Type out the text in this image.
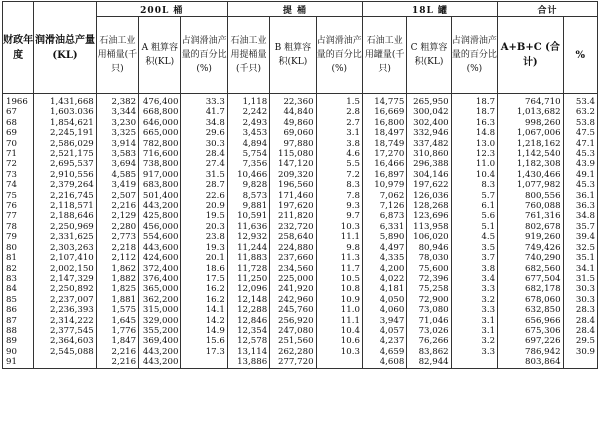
财政年度	润滑油总产量(KL)	200L 桶			提 桶			18L 罐			合计	
		石油工业用桶量(千只)	A 粗算容积(KL)	占润滑油产量的百分比(%)	石油工业用提桶量(千只)	B 粗算容积(KL)	占润滑油产量的百分比(%)	石油工业用罐量(千只)	C 粗算容积(KL)	占润滑油产量的百分比(%)	A+B+C (合计)	%
1966	1,431,668	2,382	476,400	33.3	1,118	22,360	1.5	14,775	265,950	18.7	764,710	53.4
67	1,603.036	3,344	668,800	41.7	2,242	44,840	2.8	16,669	300,042	18.7	1,013,682	63.2
68	1,854,621	3,230	646,000	34.8	2,493	49,860	2.7	16,800	302,400	16.3	998,260	53.8
69	2,245,191	3,325	665,000	29.6	3,453	69,060	3.1	18,497	332,946	14.8	1,067,006	47.5
70	2,586,029	3,914	782,800	30.3	4,894	97,880	3.8	18,749	337,482	13.0	1,218,162	47.1
71	2,521,175	3,583	716,600	28.4	5,754	115,080	4.6	17,270	310,860	12.3	1,142,540	45.3
72	2,695,537	3,694	738,800	27.4	7,356	147,120	5.5	16,466	296,388	11.0	1,182,308	43.9
73	2,910,556	4,585	917,000	31.5	10,466	209,320	7.2	16,897	304,146	10.4	1,430,466	49.1
74	2,379,264	3,419	683,800	28.7	9,828	196,560	8.3	10,979	197,622	8.3	1,077,982	45.3
75	2,216,745	2,507	501,400	22.6	8,573	171,460	7.8	7,062	126,036	5.7	800,556	36.1
76	2,118,571	2,216	443,200	20.9	9,881	197,620	9.3	7,126	128,268	6.1	760,088	36.3
77	2,188,646	2,129	425,800	19.5	10,591	211,820	9.7	6,873	123,696	5.6	761,316	34.8
78	2,250,969	2,280	456,000	20.3	11,636	232,720	10.3	6,331	113,958	5.1	802,678	35.7
79	2,331,625	2,773	554,600	23.8	12,932	258,640	11.1	5,890	106,020	4.5	919,260	39.4
80	2,303,263	2,218	443,600	19.3	11,244	224,880	9.8	4,497	80,946	3.5	749,426	32.5
81	2,107,410	2,112	424,600	20.1	11,883	237,660	11.3	4,335	78,030	3.7	740,290	35.1
82	2,002,150	1,862	372,400	18.6	11,728	234,560	11.7	4,200	75,600	3.8	682,560	34.1
83	2,147,329	1,882	376,400	17.5	11,250	225,000	10.5	4,022	72,396	3.4	677,504	31.5
84	2,250,892	1,825	365,000	16.2	12,096	241,920	10.8	4,181	75,258	3.3	682,178	30.3
85	2,237,007	1,881	362,200	16.2	12,148	242,960	10.9	4,050	72,900	3.2	678,060	30.3
86	2,236,393	1,575	315,000	14.1	12,288	245,760	11.0	4,060	73,080	3.3	632,850	28.3
87	2,314,222	1,645	329,000	14.2	12,846	256,920	11.1	3,947	71,046	3.1	656,966	28.4
88	2,377,545	1,776	355,200	14.9	12,354	247,080	10.4	4,057	73,026	3.1	675,306	28.4
89	2,364,603	1,847	369,400	15.6	12,578	251,560	10.6	4,237	76,266	3.2	697,226	29.5
90	2,545,088	2,216	443,200	17.3	13,114	262,280	10.3	4,659	83,862	3.3	786,942	30.9
91		2,216	443,200		13,886	277,720		4,608	82,944		803,864	
